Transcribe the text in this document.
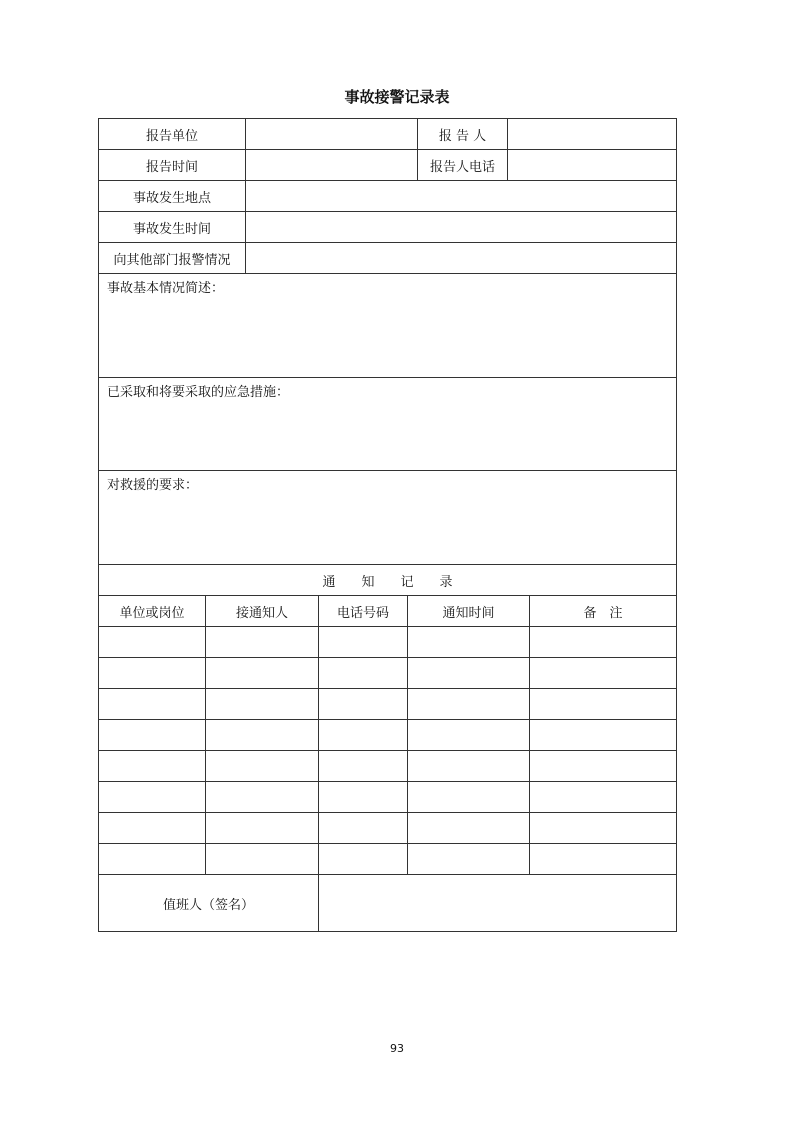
事故接警记录表
报告单位		报 告 人	
报告时间		报告人电话	
事故发生地点			
事故发生时间			
向其他部门报警情况			
事故基本情况简述：			
已采取和将要采取的应急措施：			
对救援的要求：			
通　　知　　记　　录				
单位或岗位	接通知人	电话号码	通知时间	备　注

值班人（签名）				
93
